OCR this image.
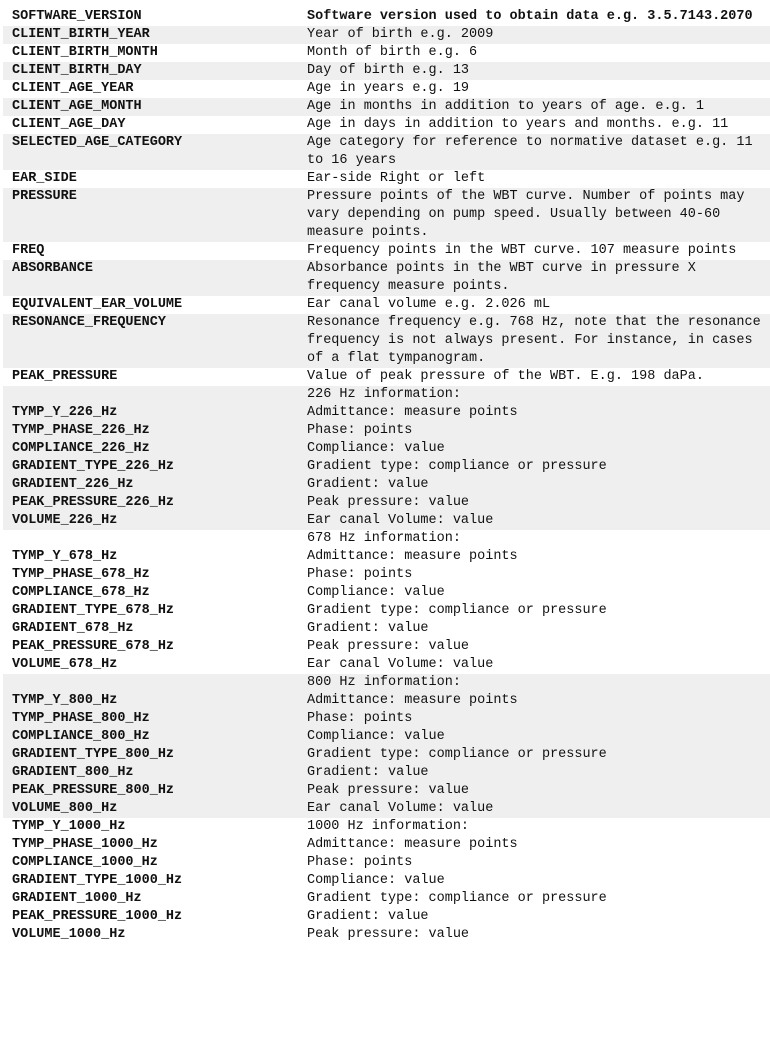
SOFTWARE_VERSION	Software version used to obtain data e.g. 3.5.7143.2070
CLIENT_BIRTH_YEAR	Year of birth e.g. 2009
CLIENT_BIRTH_MONTH	Month of birth e.g. 6
CLIENT_BIRTH_DAY	Day of birth e.g. 13
CLIENT_AGE_YEAR	Age in years e.g. 19
CLIENT_AGE_MONTH	Age in months in addition to years of age. e.g. 1
CLIENT_AGE_DAY	Age in days in addition to years and months. e.g. 11
SELECTED_AGE_CATEGORY	Age category for reference to normative dataset e.g. 11 to 16 years
EAR_SIDE	Ear-side Right or left
PRESSURE	Pressure points of the WBT curve. Number of points may vary depending on pump speed. Usually between 40-60 measure points.
FREQ	Frequency points in the WBT curve. 107 measure points
ABSORBANCE	Absorbance points in the WBT curve in pressure X frequency measure points.
EQUIVALENT_EAR_VOLUME	Ear canal volume e.g. 2.026 mL
RESONANCE_FREQUENCY	Resonance frequency e.g. 768 Hz, note that the resonance frequency is not always present. For instance, in cases of a flat tympanogram.
PEAK_PRESSURE	Value of peak pressure of the WBT. E.g. 198 daPa.
	226 Hz information:
TYMP_Y_226_Hz	Admittance: measure points
TYMP_PHASE_226_Hz	Phase: points
COMPLIANCE_226_Hz	Compliance: value
GRADIENT_TYPE_226_Hz	Gradient type: compliance or pressure
GRADIENT_226_Hz	Gradient: value
PEAK_PRESSURE_226_Hz	Peak pressure: value
VOLUME_226_Hz	Ear canal Volume: value
	678 Hz information:
TYMP_Y_678_Hz	Admittance: measure points
TYMP_PHASE_678_Hz	Phase: points
COMPLIANCE_678_Hz	Compliance: value
GRADIENT_TYPE_678_Hz	Gradient type: compliance or pressure
GRADIENT_678_Hz	Gradient: value
PEAK_PRESSURE_678_Hz	Peak pressure: value
VOLUME_678_Hz	Ear canal Volume: value
	800 Hz information:
TYMP_Y_800_Hz	Admittance: measure points
TYMP_PHASE_800_Hz	Phase: points
COMPLIANCE_800_Hz	Compliance: value
GRADIENT_TYPE_800_Hz	Gradient type: compliance or pressure
GRADIENT_800_Hz	Gradient: value
PEAK_PRESSURE_800_Hz	Peak pressure: value
VOLUME_800_Hz	Ear canal Volume: value
TYMP_Y_1000_Hz	1000 Hz information:
TYMP_PHASE_1000_Hz	Admittance: measure points
COMPLIANCE_1000_Hz	Phase: points
GRADIENT_TYPE_1000_Hz	Compliance: value
GRADIENT_1000_Hz	Gradient type: compliance or pressure
PEAK_PRESSURE_1000_Hz	Gradient: value
VOLUME_1000_Hz	Peak pressure: value
